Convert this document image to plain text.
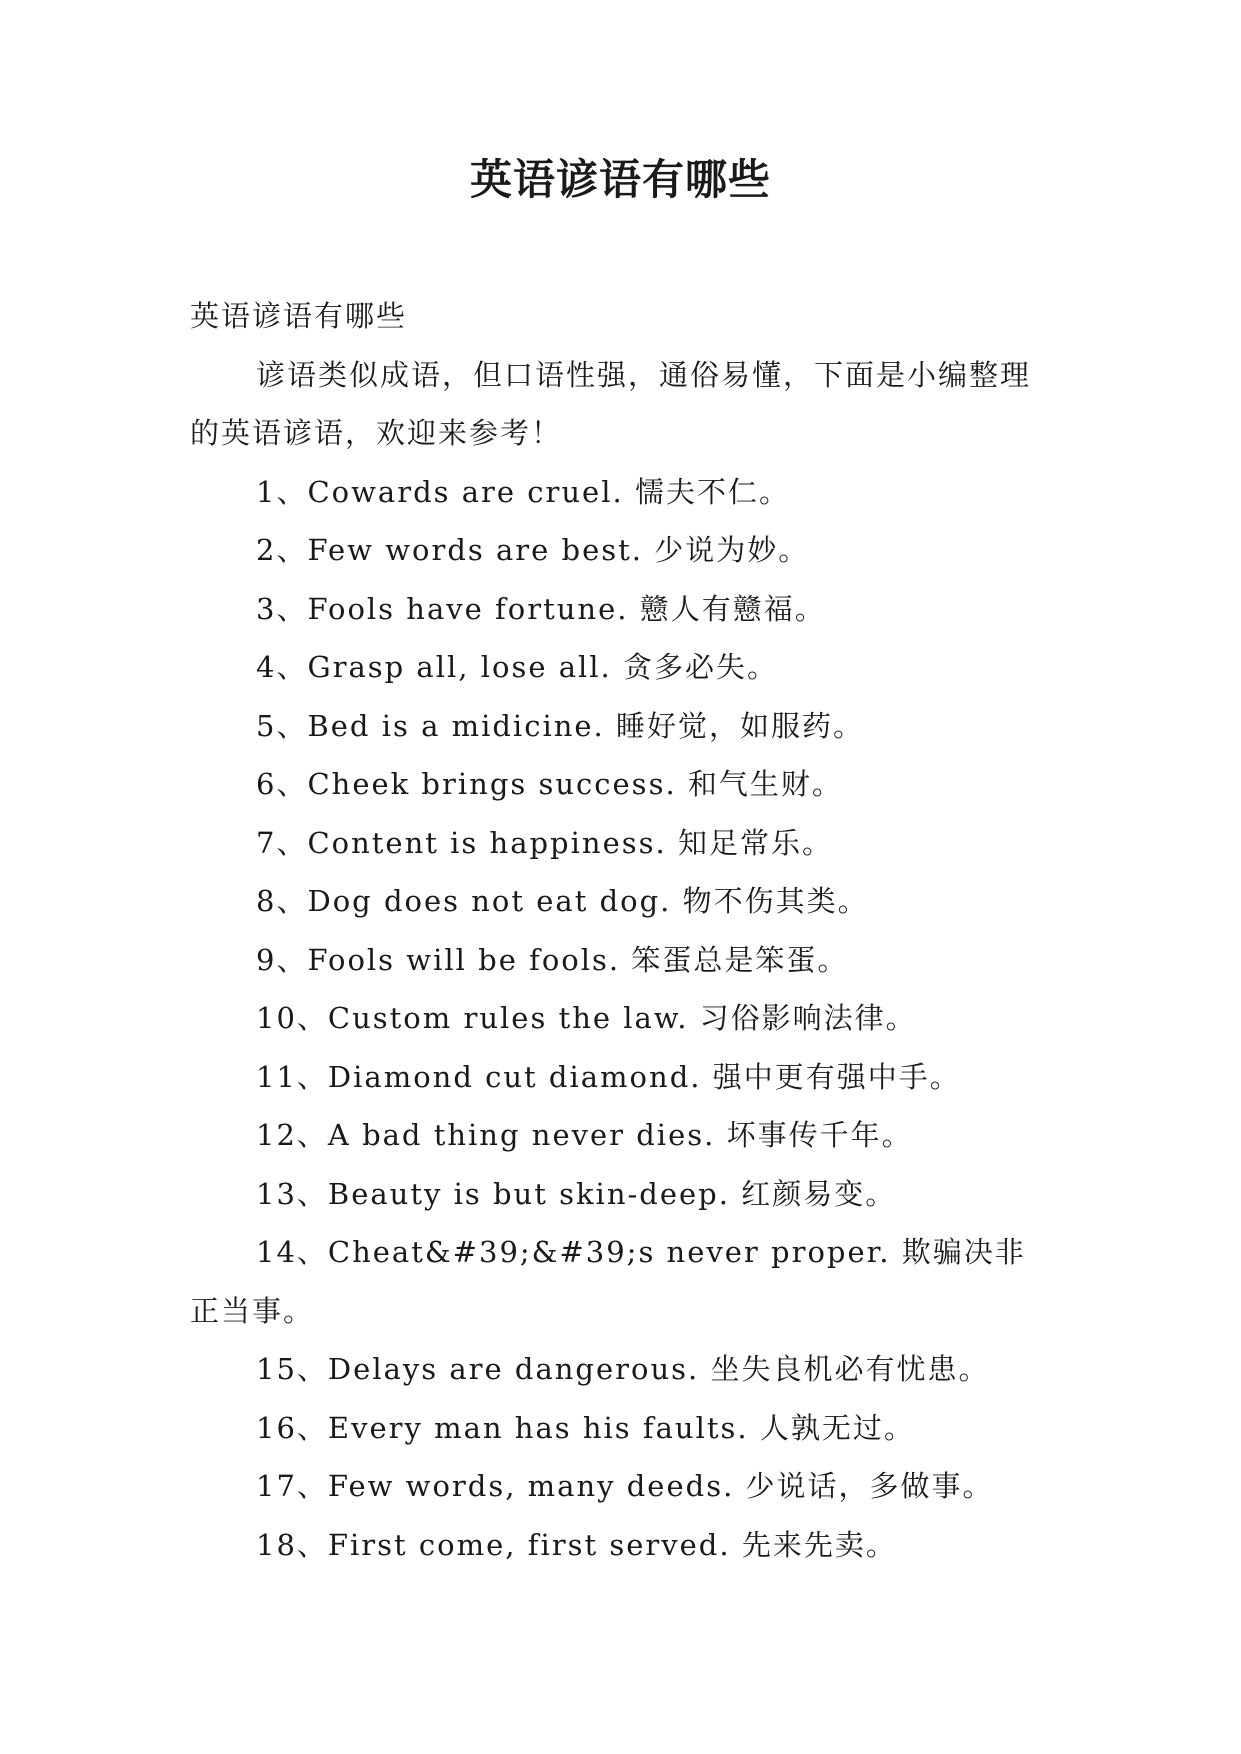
英语谚语有哪些

英语谚语有哪些

谚语类似成语，但口语性强，通俗易懂，下面是小编整理的英语谚语，欢迎来参考！

1、Cowards are cruel. 懦夫不仁。

2、Few words are best. 少说为妙。

3、Fools have fortune. 戆人有戆福。

4、Grasp all, lose all. 贪多必失。

5、Bed is a midicine. 睡好觉，如服药。

6、Cheek brings success. 和气生财。

7、Content is happiness. 知足常乐。

8、Dog does not eat dog. 物不伤其类。

9、Fools will be fools. 笨蛋总是笨蛋。

10、Custom rules the law. 习俗影响法律。

11、Diamond cut diamond. 强中更有强中手。

12、A bad thing never dies. 坏事传千年。

13、Beauty is but skin-deep. 红颜易变。

14、Cheat&#39;&#39;s never proper. 欺骗决非正当事。

15、Delays are dangerous. 坐失良机必有忧患。

16、Every man has his faults. 人孰无过。

17、Few words, many deeds. 少说话，多做事。

18、First come, first served. 先来先卖。
